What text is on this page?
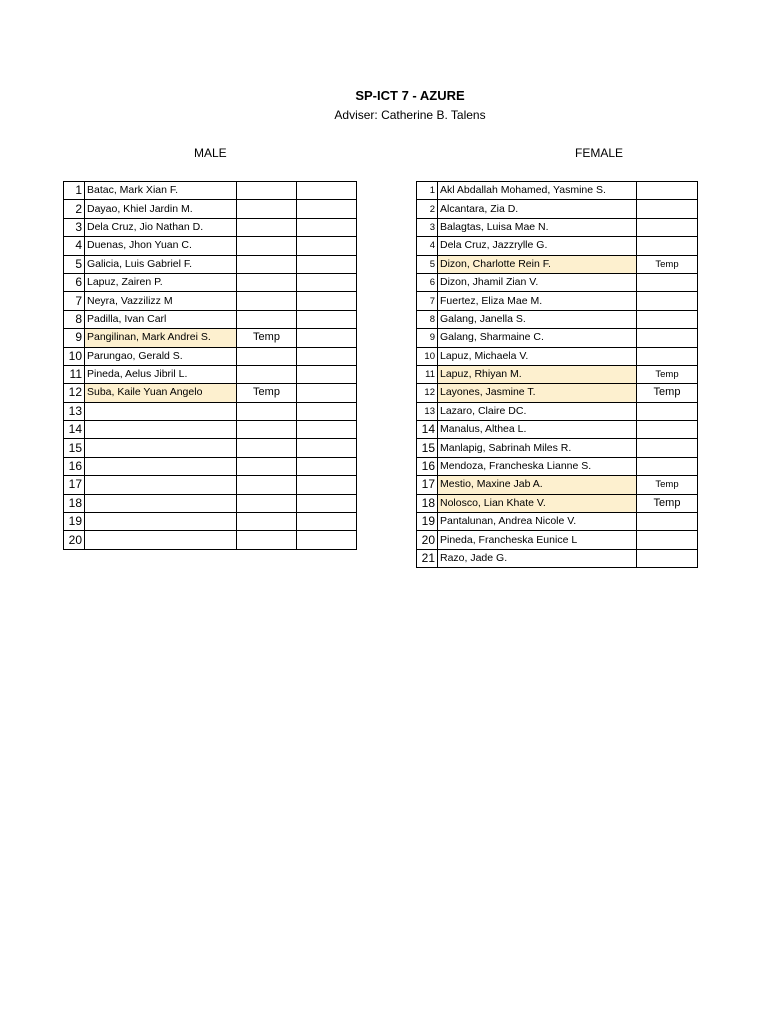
SP-ICT 7 - AZURE
Adviser: Catherine B. Talens
MALE	FEMALE
1	Batac, Mark Xian F.		
2	Dayao, Khiel Jardin M.		
3	Dela Cruz, Jio Nathan D.		
4	Duenas, Jhon Yuan C.		
5	Galicia, Luis Gabriel F.		
6	Lapuz, Zairen P.		
7	Neyra, Vazzilizz M		
8	Padilla, Ivan Carl		
9	Pangilinan, Mark Andrei S.	Temp	
10	Parungao, Gerald S.		
11	Pineda, Aelus Jibril L.		
12	Suba, Kaile Yuan Angelo	Temp	
13			
14			
15			
16			
17			
18			
19			
20			
1	Akl Abdallah Mohamed, Yasmine S.	
2	Alcantara, Zia D.	
3	Balagtas, Luisa Mae N.	
4	Dela Cruz, Jazzrylle G.	
5	Dizon, Charlotte Rein F.	Temp
6	Dizon, Jhamil Zian V.	
7	Fuertez, Eliza Mae M.	
8	Galang, Janella S.	
9	Galang, Sharmaine C.	
10	Lapuz, Michaela V.	
11	Lapuz, Rhiyan M.	Temp
12	Layones, Jasmine T.	Temp
13	Lazaro, Claire DC.	
14	Manalus, Althea L.	
15	Manlapig, Sabrinah Miles R.	
16	Mendoza, Francheska Lianne S.	
17	Mestio, Maxine Jab A.	Temp
18	Nolosco, Lian Khate V.	Temp
19	Pantalunan, Andrea Nicole V.	
20	Pineda, Francheska Eunice L	
21	Razo, Jade G.	
